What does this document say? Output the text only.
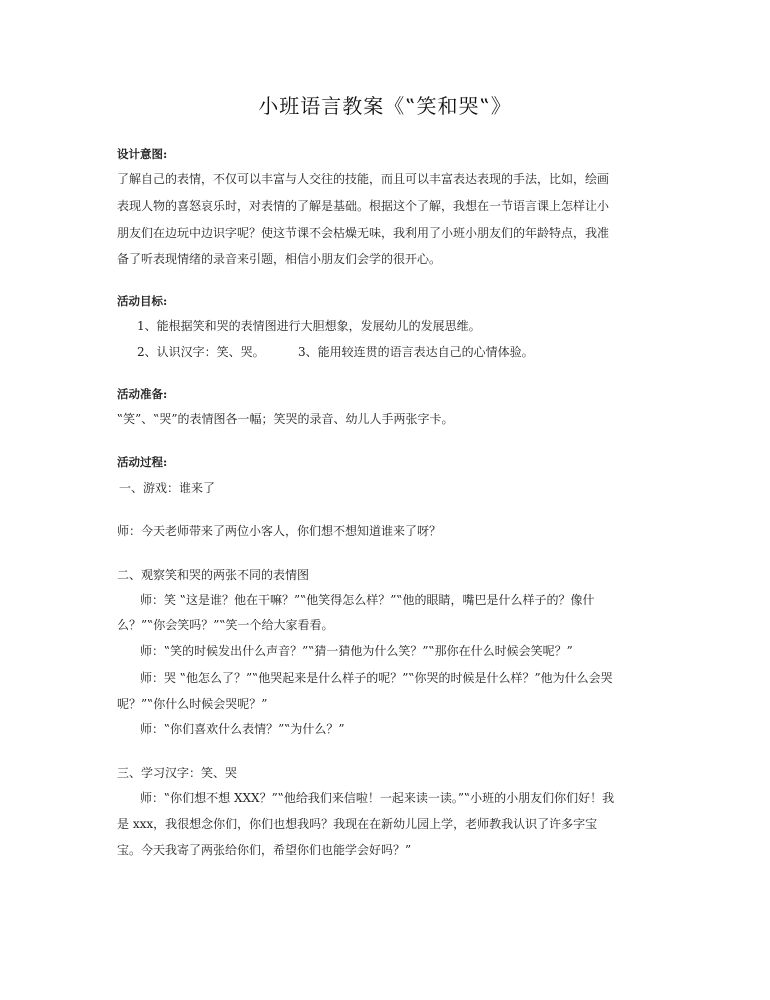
小班语言教案《‟笑和哭‟》
设计意图:
了解自己的表情，不仅可以丰富与人交往的技能，而且可以丰富表达表现的手法，比如，绘画
表现人物的喜怒哀乐时，对表情的了解是基础。根据这个了解，我想在一节语言课上怎样让小
朋友们在边玩中边识字呢？使这节课不会枯燥无味，我利用了小班小朋友们的年龄特点，我准
备了听表现情绪的录音来引题，相信小朋友们会学的很开心。
活动目标:
1、能根据笑和哭的表情图进行大胆想象，发展幼儿的发展思维。
2、认识汉字：笑、哭。	3、能用较连贯的语言表达自己的心情体验。
活动准备:
‟笑”、‟哭”的表情图各一幅；笑哭的录音、幼儿人手两张字卡。
活动过程:
一、游戏：谁来了
师：今天老师带来了两位小客人，你们想不想知道谁来了呀？
二、观察笑和哭的两张不同的表情图
师：笑 ‟这是谁？他在干嘛？”‟他笑得怎么样？”‟他的眼睛，嘴巴是什么样子的？像什
么？”‟你会笑吗？”‟笑一个给大家看看。
师：‟笑的时候发出什么声音？”‟猜一猜他为什么笑？”‟那你在什么时候会笑呢？”
师：哭 ‟他怎么了？”‟他哭起来是什么样子的呢？”‟你哭的时候是什么样？”他为什么会哭
呢？”‟你什么时候会哭呢？”
师：‟你们喜欢什么表情？”‟为什么？”
三、学习汉字：笑、哭
师：‟你们想不想 XXX？”‟他给我们来信啦！一起来读一读。”‟小班的小朋友们你们好！我
是 xxx，我很想念你们，你们也想我吗？我现在在新幼儿园上学，老师教我认识了许多字宝
宝。今天我寄了两张给你们，希望你们也能学会好吗？”
